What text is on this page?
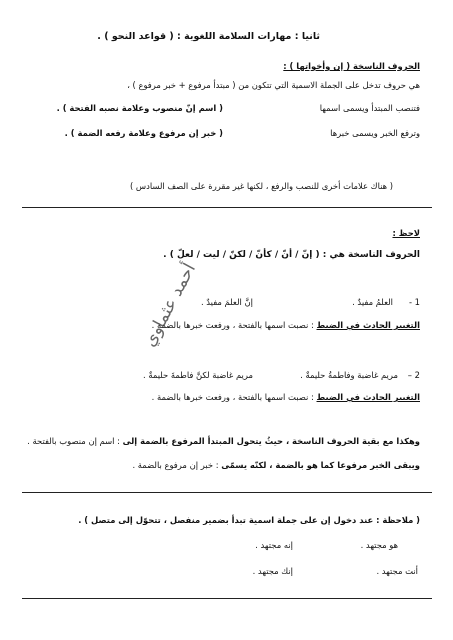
ثانيا : مهارات السلامة اللغوية : ( قواعد النحو ) .
الحروف الناسخة ( إن وأخواتها ) :
هي حروف تدخل على الجملة الاسمية التي تتكون من ( مبتدأ مرفوع + خبر مرفوع ) ،
فتنصب المبتدأ ويسمى اسمها
( اسم إنّ منصوب وعلامة نصبه الفتحة ) .
وترفع الخبر ويسمى خبرها
( خبر إن مرفوع وعلامة رفعه الضمة ) .
( هناك علامات أخرى للنصب والرفع ، لكنها غير مقررة على الصف السادس )
لاحظ :
الحروف الناسخة هي : ( إنّ / أنّ / كأنّ / لكنّ / ليت / لعلّ ) .
1 -
العلمُ مفيدٌ .
إنَّ العلمَ مفيدٌ .
التغيير الحادث في الضبط : نصبت اسمها بالفتحة ، ورفعت خبرها بالضمة .
2 –
مريم غاضبة وفاطمةُ حليمةٌ .
مريم غاضبة لكنَّ فاطمةَ حليمةٌ .
التغيير الحادث في الضبط : نصبت اسمها بالفتحة ، ورفعت خبرها بالضمة .
وهكذا مع بقية الحروف الناسخة ، حيثُ يتحول المبتدأ المرفوع بالضمة إلى : اسم إن منصوب بالفتحة .
ويبقى الخبر مرفوعا كما هو بالضمة ، لكنّه يسمّى : خبر إن مرفوع بالضمة .
( ملاحظة : عند دخول إن على جملة اسمية تبدأ بضمير منفصل ، تتحوّل إلى متصل ) .
هو مجتهد .
إنه مجتهد .
أنت مجتهد .
إنك مجتهد .
أحمد عثماوي
